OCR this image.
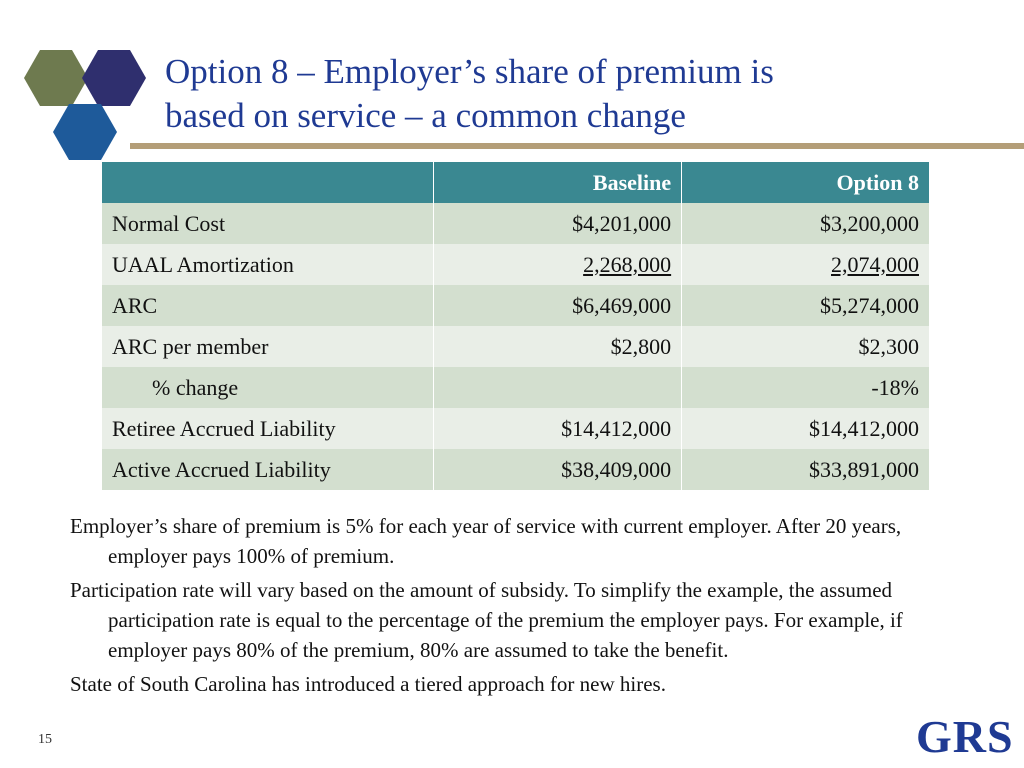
Option 8 – Employer’s share of premium is
based on service – a common change
	Baseline	Option 8
Normal Cost	$4,201,000	$3,200,000
UAAL Amortization	2,268,000	2,074,000
ARC	$6,469,000	$5,274,000
ARC per member	$2,800	$2,300
% change		-18%
Retiree Accrued Liability	$14,412,000	$14,412,000
Active Accrued Liability	$38,409,000	$33,891,000
Employer’s share of premium is 5% for each year of service with current employer. After 20 years, employer pays 100% of premium.
Participation rate will vary based on the amount of subsidy. To simplify the example, the assumed participation rate is equal to the percentage of the premium the employer pays. For example, if employer pays 80% of the premium, 80% are assumed to take the benefit.
State of South Carolina has introduced a tiered approach for new hires.
15	GRS
